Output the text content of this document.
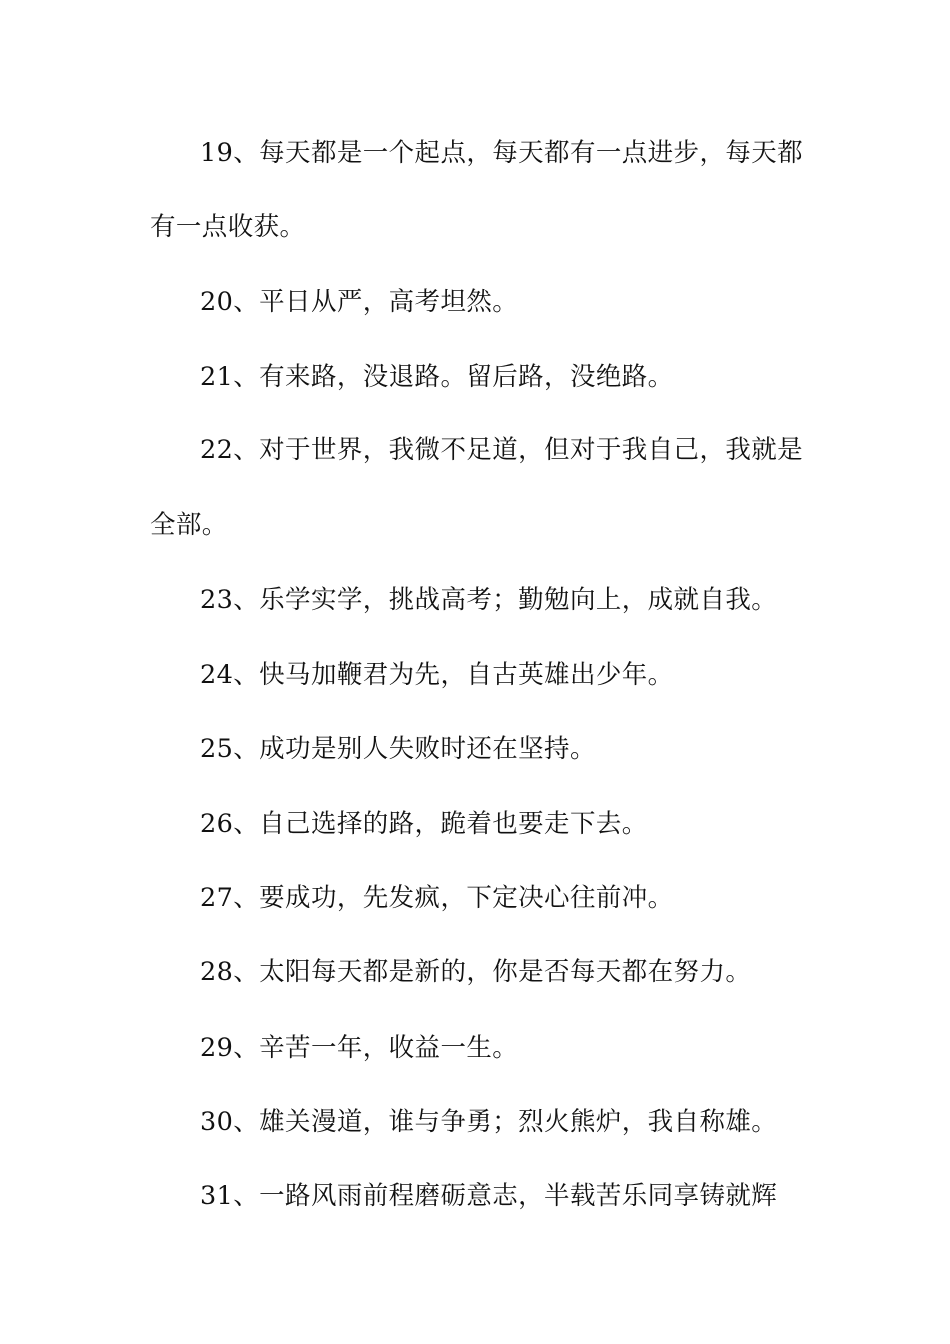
19、每天都是一个起点，每天都有一点进步，每天都
有一点收获。
20、平日从严，高考坦然。
21、有来路，没退路。留后路，没绝路。
22、对于世界，我微不足道，但对于我自己，我就是
全部。
23、乐学实学，挑战高考；勤勉向上，成就自我。
24、快马加鞭君为先，自古英雄出少年。
25、成功是别人失败时还在坚持。
26、自己选择的路，跪着也要走下去。
27、要成功，先发疯，下定决心往前冲。
28、太阳每天都是新的，你是否每天都在努力。
29、辛苦一年，收益一生。
30、雄关漫道，谁与争勇；烈火熊炉，我自称雄。
31、一路风雨前程磨砺意志，半载苦乐同享铸就辉
